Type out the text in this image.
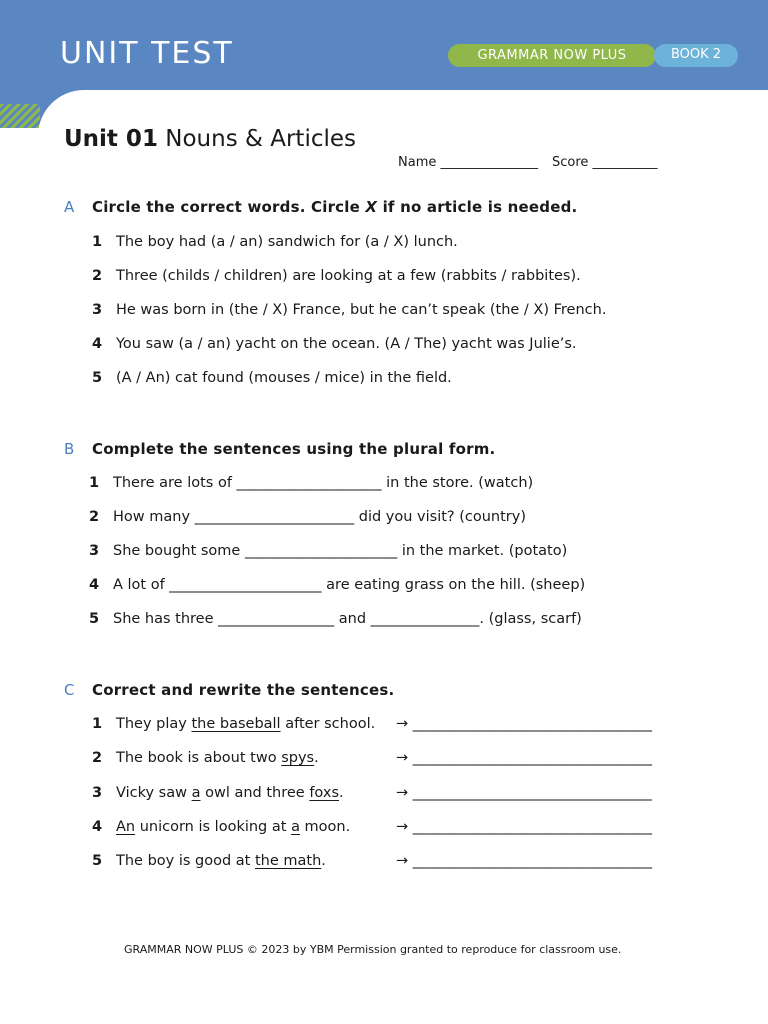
UNIT TEST	GRAMMAR NOW PLUS	BOOK 2
Unit 01 Nouns & Articles
Name _______________ Score __________
A Circle the correct words. Circle X if no article is needed.
1 The boy had (a / an) sandwich for (a / X) lunch.
2 Three (childs / children) are looking at a few (rabbits / rabbites).
3 He was born in (the / X) France, but he can’t speak (the / X) French.
4 You saw (a / an) yacht on the ocean. (A / The) yacht was Julie’s.
5 (A / An) cat found (mouses / mice) in the field.
B Complete the sentences using the plural form.
1 There are lots of ____________________ in the store. (watch)
2 How many ______________________ did you visit? (country)
3 She bought some _____________________ in the market. (potato)
4 A lot of _____________________ are eating grass on the hill. (sheep)
5 She has three ________________ and _______________. (glass, scarf)
C Correct and rewrite the sentences.
1 They play the baseball after school. → _________________________________
2 The book is about two spys.	→ _________________________________
3 Vicky saw a owl and three foxs.	→ _________________________________
4 An unicorn is looking at a moon.	→ _________________________________
5 The boy is good at the math.	→ _________________________________
GRAMMAR NOW PLUS © 2023 by YBM Permission granted to reproduce for classroom use.
